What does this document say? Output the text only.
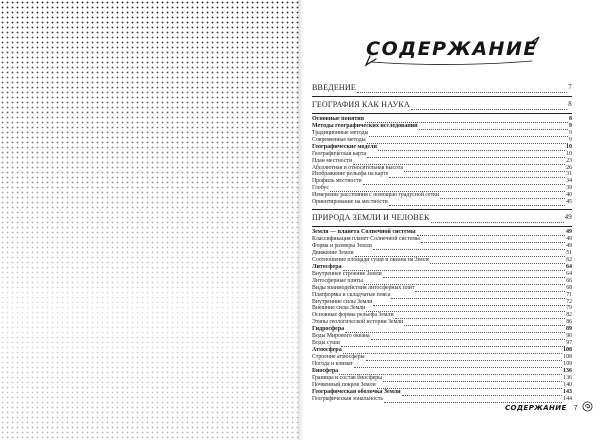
СОДЕРЖАНИЕ
ВВЕДЕНИЕ	7
ГЕОГРАФИЯ КАК НАУКА	8
Основные понятия	8
Методы географических исследований	9
Традиционные методы	9
Современные методы	9
Географические модели	10
Географическая карта	10
План местности	23
Абсолютная и относительная высота	26
Изображение рельефа на карте	31
Профиль местности	34
Глобус	39
Измерение расстояния с помощью градусной сетки	40
Ориентирование на местности	45
ПРИРОДА ЗЕМЛИ И ЧЕЛОВЕК	49
Земля — планета Солнечной системы	49
Классификация планет Солнечной системы	49
Форма и размеры Земли	49
Движение Земли	51
Соотношение площади суши и океана на Земле	62
Литосфера	64
Внутреннее строение Земли	64
Литосферные плиты	66
Виды взаимодействия литосферных плит	68
Платформы и складчатые пояса	71
Внутренние силы Земли	72
Внешние силы Земли	79
Основные формы рельефа Земли	82
Этапы геологической истории Земли	86
Гидросфера	89
Воды Мирового океана	90
Воды суши	97
Атмосфера	108
Строение атмосферы	108
Погода и климат	109
Биосфера	136
Границы и состав биосферы	136
Почвенный покров Земли	140
Географическая оболочка Земли	143
Географическая зональность	144
СОДЕРЖАНИЕ 7
